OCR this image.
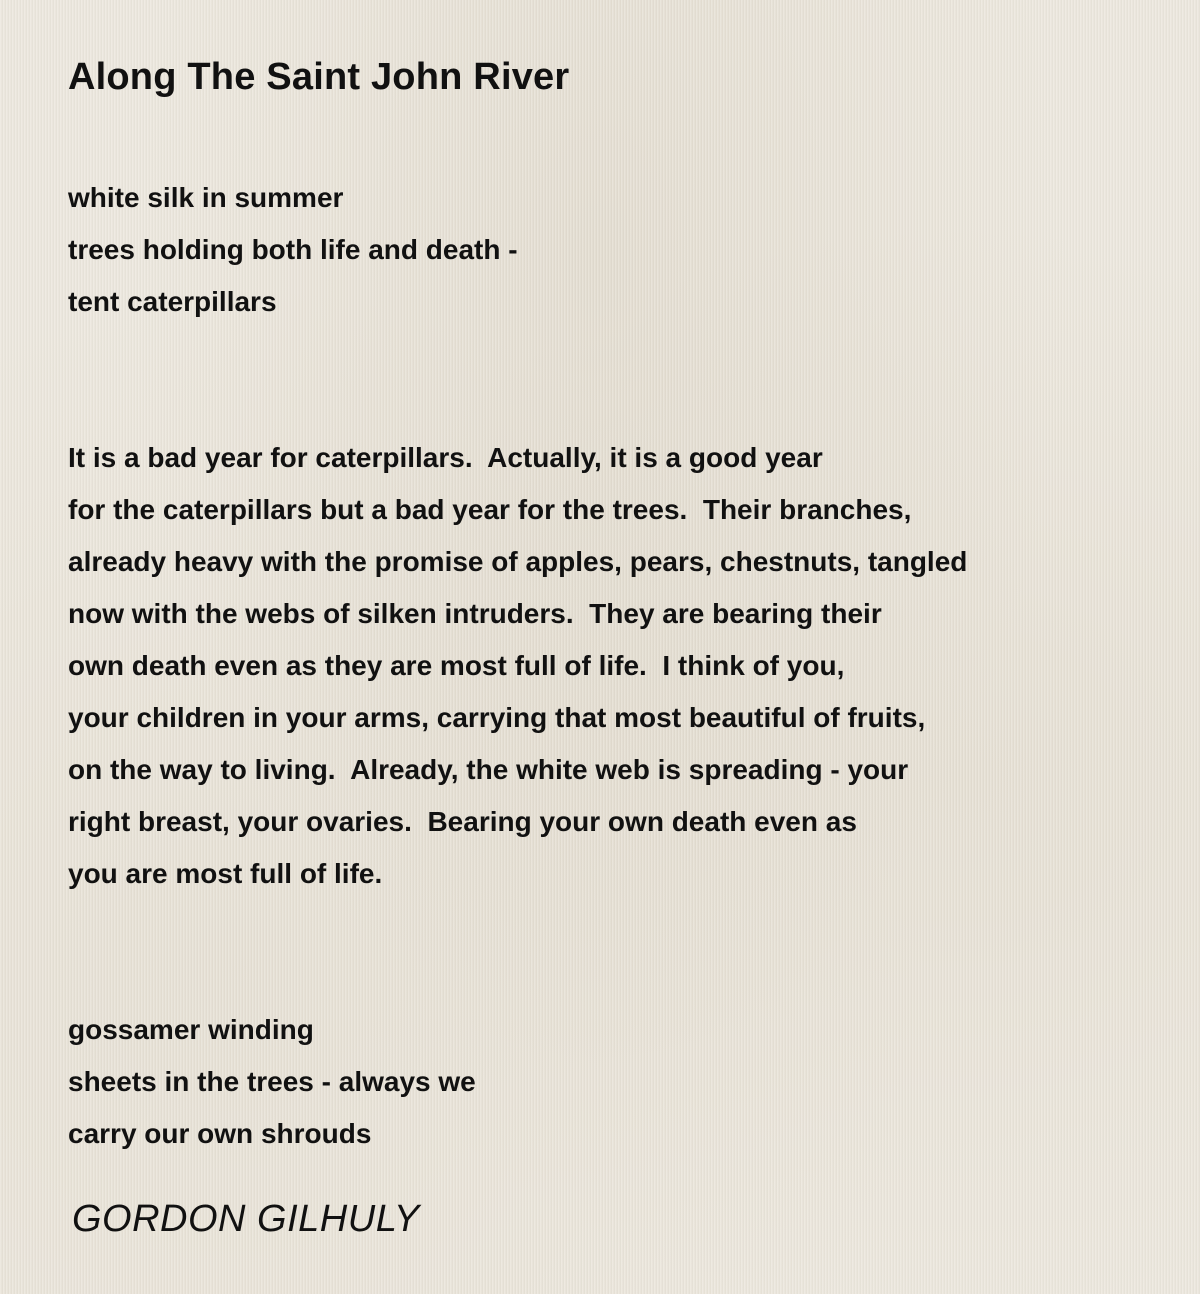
Along The Saint John River
white silk in summer
trees holding both life and death -
tent caterpillars
It is a bad year for caterpillars.  Actually, it is a good year
for the caterpillars but a bad year for the trees.  Their branches,
already heavy with the promise of apples, pears, chestnuts, tangled
now with the webs of silken intruders.  They are bearing their
own death even as they are most full of life.  I think of you,
your children in your arms, carrying that most beautiful of fruits,
on the way to living.  Already, the white web is spreading - your
right breast, your ovaries.  Bearing your own death even as
you are most full of life.
gossamer winding
sheets in the trees - always we
carry our own shrouds
GORDON GILHULY
